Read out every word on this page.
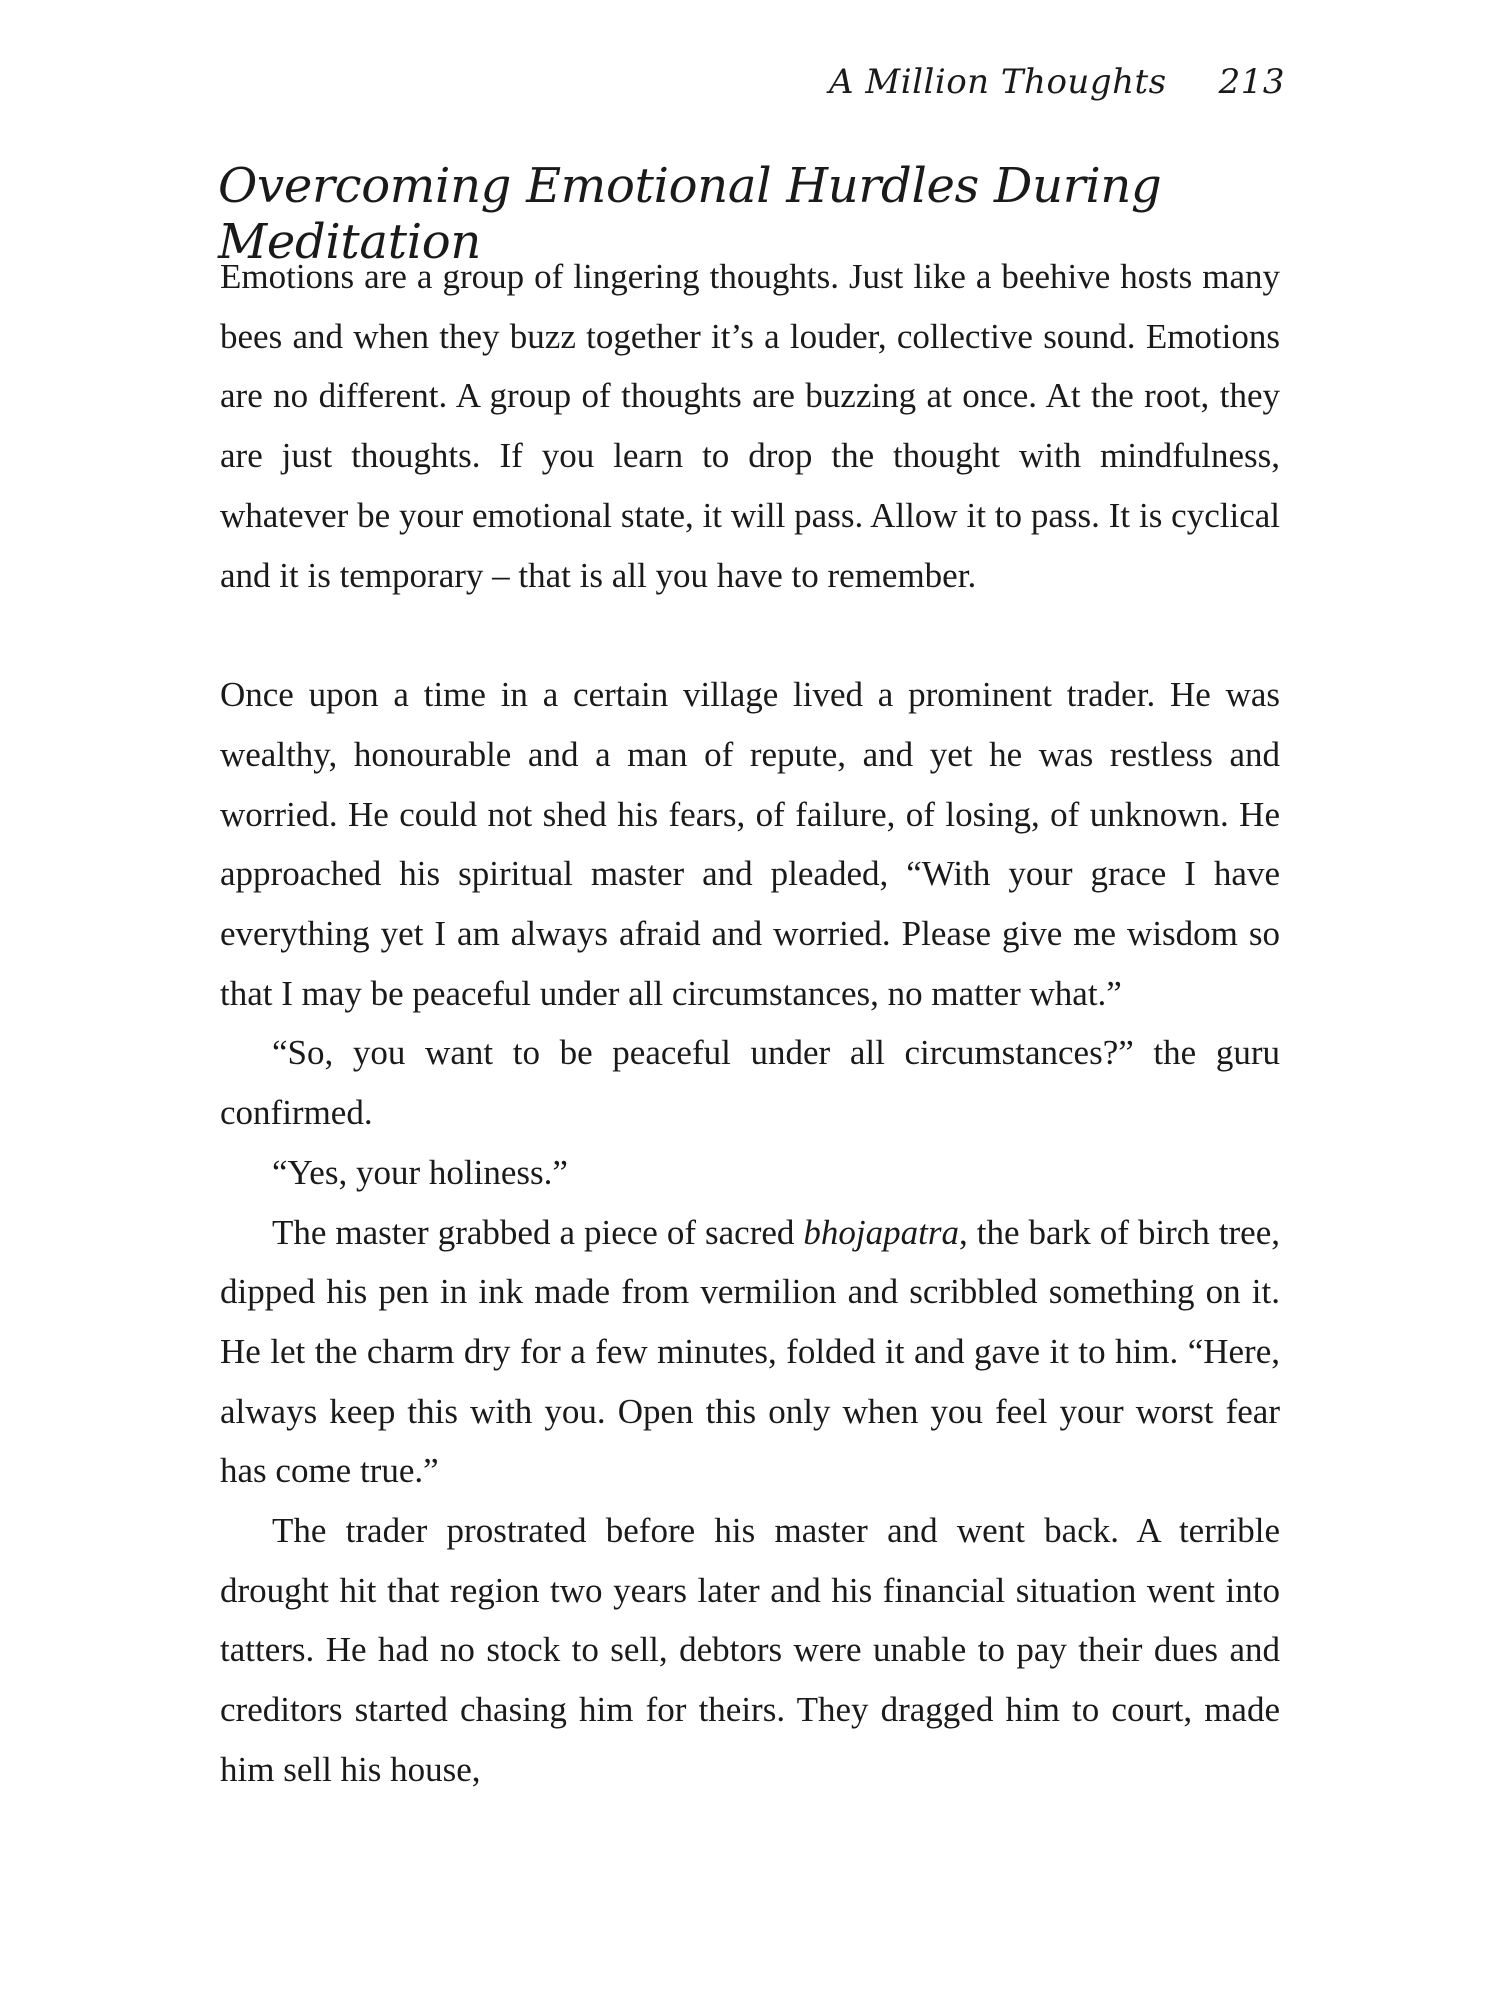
A Million Thoughts 213
Overcoming Emotional Hurdles During Meditation

Emotions are a group of lingering thoughts. Just like a beehive hosts many bees and when they buzz together it’s a louder, collective sound. Emotions are no different. A group of thoughts are buzzing at once. At the root, they are just thoughts. If you learn to drop the thought with mindfulness, whatever be your emotional state, it will pass. Allow it to pass. It is cyclical and it is temporary – that is all you have to remember.

Once upon a time in a certain village lived a prominent trader. He was wealthy, honourable and a man of repute, and yet he was restless and worried. He could not shed his fears, of failure, of losing, of unknown. He approached his spiritual master and pleaded, “With your grace I have everything yet I am always afraid and worried. Please give me wisdom so that I may be peaceful under all circumstances, no matter what.”

“So, you want to be peaceful under all circumstances?” the guru confirmed.

“Yes, your holiness.”

The master grabbed a piece of sacred bhojapatra, the bark of birch tree, dipped his pen in ink made from vermilion and scribbled something on it. He let the charm dry for a few minutes, folded it and gave it to him. “Here, always keep this with you. Open this only when you feel your worst fear has come true.”

The trader prostrated before his master and went back. A terrible drought hit that region two years later and his financial situation went into tatters. He had no stock to sell, debtors were unable to pay their dues and creditors started chasing him for theirs. They dragged him to court, made him sell his house,
